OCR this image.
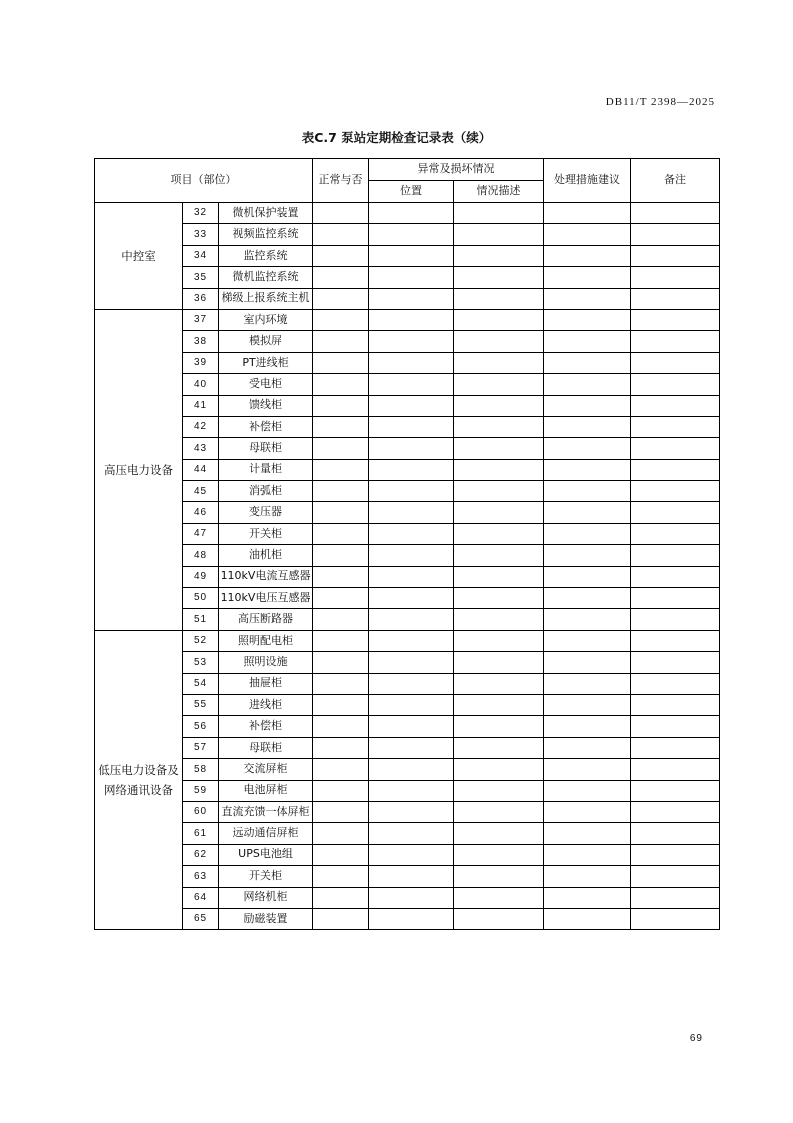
DB11/T 2398—2025
表C.7 泵站定期检查记录表（续）
项目（部位）			正常与否	异常及损坏情况		处理措施建议	备注
				位置	情况描述		
中控室	32	微机保护装置					
	33	视频监控系统					
	34	监控系统					
	35	微机监控系统					
	36	梯级上报系统主机					
高压电力设备	37	室内环境					
	38	模拟屏					
	39	PT进线柜					
	40	受电柜					
	41	馈线柜					
	42	补偿柜					
	43	母联柜					
	44	计量柜					
	45	消弧柜					
	46	变压器					
	47	开关柜					
	48	油机柜					
	49	110kV电流互感器					
	50	110kV电压互感器					
	51	高压断路器					
低压电力设备及网络通讯设备	52	照明配电柜					
	53	照明设施					
	54	抽屉柜					
	55	进线柜					
	56	补偿柜					
	57	母联柜					
	58	交流屏柜					
	59	电池屏柜					
	60	直流充馈一体屏柜					
	61	远动通信屏柜					
	62	UPS电池组					
	63	开关柜					
	64	网络机柜					
	65	励磁装置					
69
